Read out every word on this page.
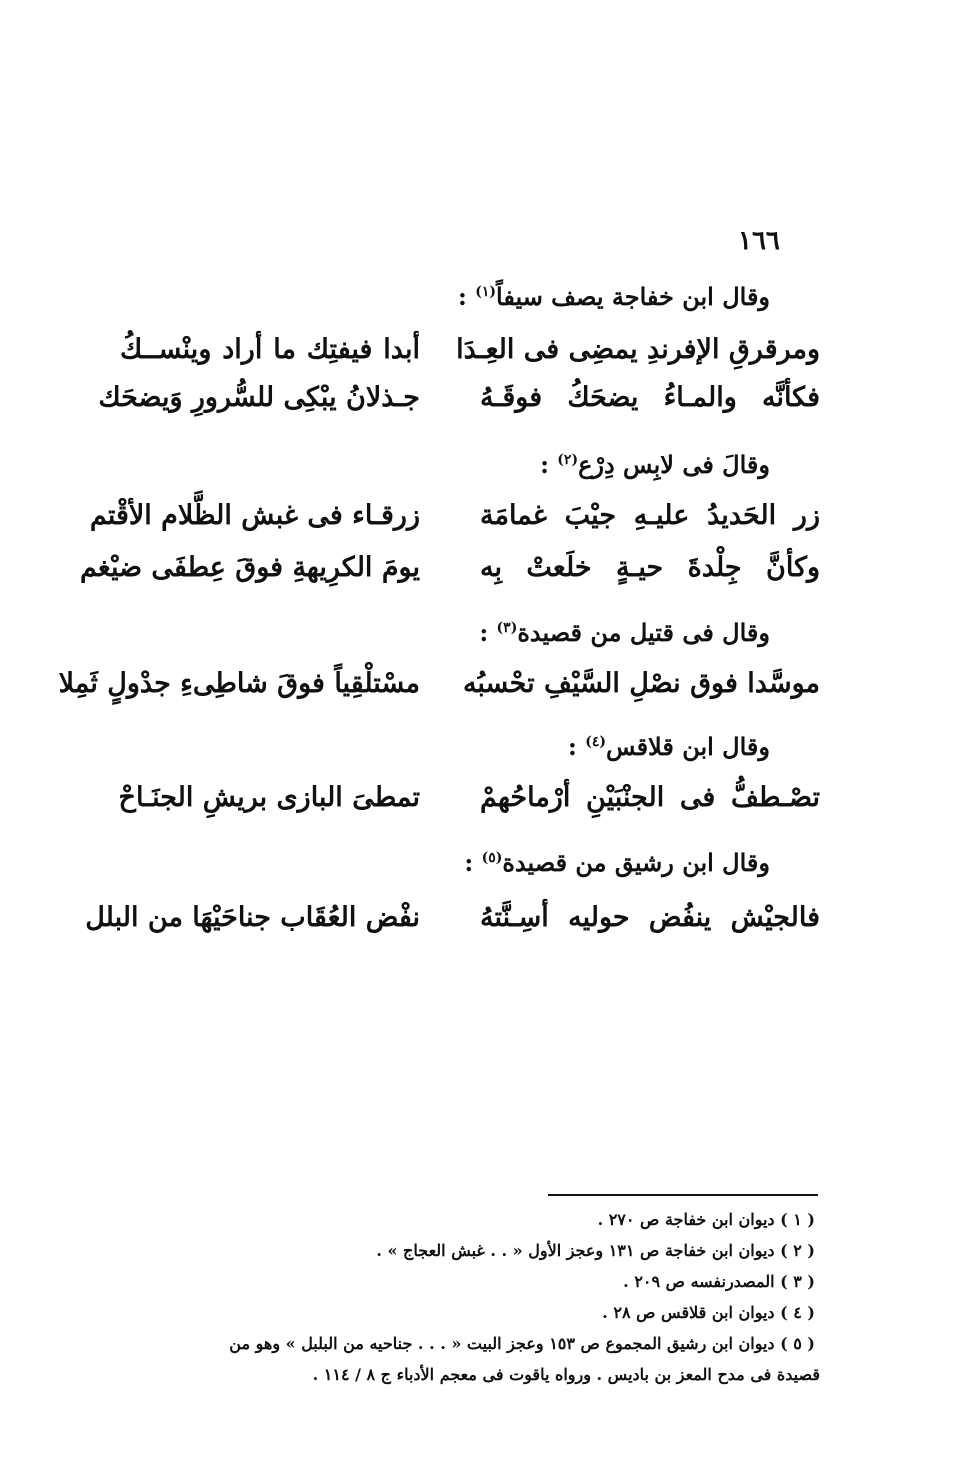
١٦٦
وقال ابن خفاجة يصف سيفاً$^{(١)}$ :
ومرقرقِ الإفرندِ يمضِى فى العِـدَا
أبدا فيفتِك ما أراد وينْســكُ
فكأنَّه والمـاءُ يضحَكُ فوقَـهُ
جـذلانُ يبْكِى للسُّرورِ وَيضحَك
وقالَ فى لابِس دِرْع$^{(٢)}$ :
زر الحَديدُ عليـهِ جيْبَ غمامَة
زرقـاء فى غبش الظَّلام الأقْتم
وكأنَّ جِلْدةَ حيـةٍ خلَعتْ بِه
يومَ الكرِيهةِ فوقَ عِطفَى ضيْغم
وقال فى قتيل من قصيدة$^{(٣)}$ :
موسَّدا فوق نصْلِ السَّيْفِ تحْسبُه
مسْتلْقِياً فوقَ شاطِىءِ جدْولٍ ثَمِلا
وقال ابن قلاقس$^{(٤)}$ :
تصْـطفُّ فى الجنْبَيْنِ أرْماحُهمْ
تمطىَ البازى بريشِ الجنَـاحْ
وقال ابن رشيق من قصيدة$^{(٥)}$ :
فالجيْش ينفُض حوليه أسِـنَّتهُ
نفْض العُقَاب جناحَيْهَا من البلل
( ١ ) ديوان ابن خفاجة ص ٢٧٠ .
( ٢ ) ديوان ابن خفاجة ص ١٣١ وعجز الأول « . . غبش العجاج » .
( ٣ ) المصدرنفسه ص ٢٠٩ .
( ٤ ) ديوان ابن قلاقس ص ٢٨ .
( ٥ ) ديوان ابن رشيق المجموع ص ١٥٣ وعجز البيت « . . . جناحيه من البلبل » وهو من
قصيدة فى مدح المعز بن باديس . ورواه ياقوت فى معجم الأدباء ج ٨ / ١١٤ .
